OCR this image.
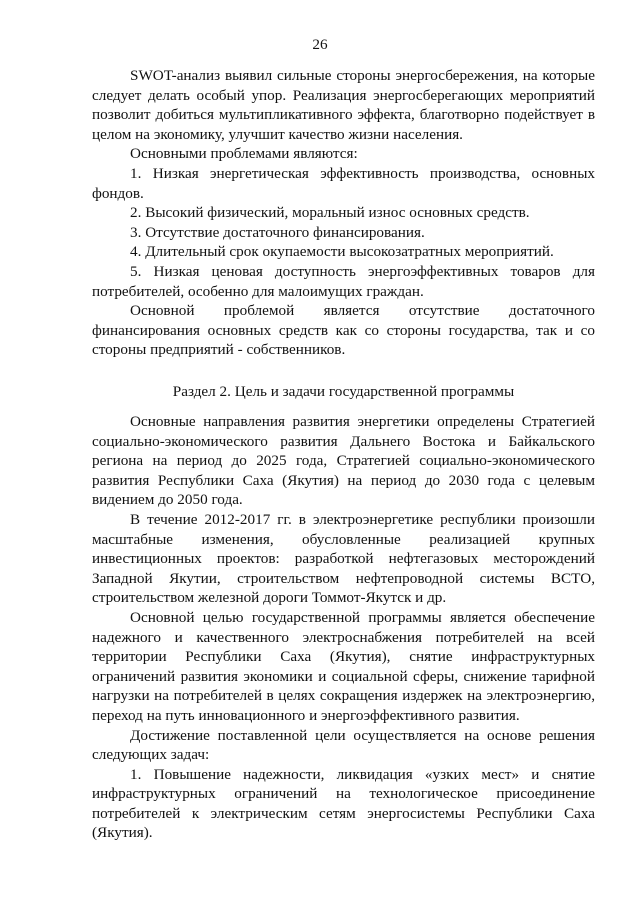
26

SWOT-анализ выявил сильные стороны энергосбережения, на которые следует делать особый упор. Реализация энергосберегающих мероприятий позволит добиться мультипликативного эффекта, благотворно подействует в целом на экономику, улучшит качество жизни населения.

Основными проблемами являются:

1. Низкая энергетическая эффективность производства, основных фондов.

2. Высокий физический, моральный износ основных средств.

3. Отсутствие достаточного финансирования.

4. Длительный срок окупаемости высокозатратных мероприятий.

5. Низкая ценовая доступность энергоэффективных товаров для потребителей, особенно для малоимущих граждан.

Основной проблемой является отсутствие достаточного финансирования основных средств как со стороны государства, так и со стороны предприятий - собственников.

Раздел 2. Цель и задачи государственной программы

Основные направления развития энергетики определены Стратегией социально-экономического развития Дальнего Востока и Байкальского региона на период до 2025 года, Стратегией социально-экономического развития Республики Саха (Якутия) на период до 2030 года с целевым видением до 2050 года.

В течение 2012-2017 гг. в электроэнергетике республики произошли масштабные изменения, обусловленные реализацией крупных инвестиционных проектов: разработкой нефтегазовых месторождений Западной Якутии, строительством нефтепроводной системы ВСТО, строительством железной дороги Томмот-Якутск и др.

Основной целью государственной программы является обеспечение надежного и качественного электроснабжения потребителей на всей территории Республики Саха (Якутия), снятие инфраструктурных ограничений развития экономики и социальной сферы, снижение тарифной нагрузки на потребителей в целях сокращения издержек на электроэнергию, переход на путь инновационного и энергоэффективного развития.

Достижение поставленной цели осуществляется на основе решения следующих задач:

1. Повышение надежности, ликвидация «узких мест» и снятие инфраструктурных ограничений на технологическое присоединение потребителей к электрическим сетям энергосистемы Республики Саха (Якутия).
